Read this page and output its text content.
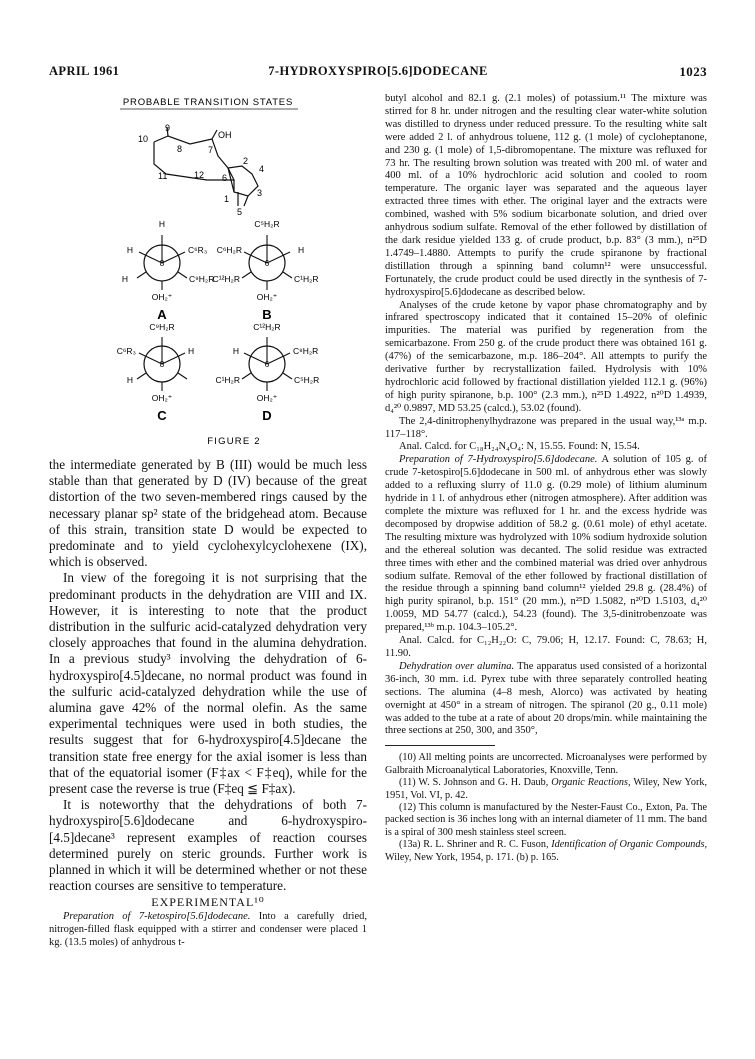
APRIL 1961	7-HYDROXYSPIRO[5.6]DODECANE	1023
PROBABLE TRANSITION STATES
10
9
8	7
OH
11	12 6
2
4
1
5
3
H
H	C⁶R₃
C⁹H₂R
H
OH₂⁺
8
A
C⁵H₂R
C⁶H₂R	H
C¹²H₂R	C¹H₂R
OH₂⁺
6
B
C⁹H₂R
C⁶R₃	H
H
OH₂⁺
8
C
C¹²H₂R
H	C⁸H₂R
C¹H₂R	C⁵H₂R
OH₂⁺
6
D
FIGURE 2

the intermediate generated by B (III) would be much less stable than that generated by D (IV) because of the great distortion of the two seven-membered rings caused by the necessary planar sp² state of the bridgehead atom. Because of this strain, transition state D would be expected to predominate and to yield cyclohexylcyclohexene (IX), which is observed.

In view of the foregoing it is not surprising that the predominant products in the dehydration are VIII and IX. However, it is interesting to note that the product distribution in the sulfuric acid-catalyzed dehydration very closely approaches that found in the alumina dehydration. In a previous study³ involving the dehydration of 6-hydroxyspiro[4.5]decane, no normal product was found in the sulfuric acid-catalyzed dehydration while the use of alumina gave 42% of the normal olefin. As the same experimental techniques were used in both studies, the results suggest that for 6-hydroxyspiro[4.5]decane the transition state free energy for the axial isomer is less than that of the equatorial isomer (F‡ax < F‡eq), while for the present case the reverse is true (F‡eq ≦ F‡ax).

It is noteworthy that the dehydrations of both 7-hydroxyspiro[5.6]dodecane and 6-hydroxyspiro-[4.5]decane³ represent examples of reaction courses determined purely on steric grounds. Further work is planned in which it will be determined whether or not these reaction courses are sensitive to temperature.

EXPERIMENTAL¹⁰

Preparation of 7-ketospiro[5.6]dodecane. Into a carefully dried, nitrogen-filled flask equipped with a stirrer and condenser were placed 1 kg. (13.5 moles) of anhydrous t-

butyl alcohol and 82.1 g. (2.1 moles) of potassium.¹¹ The mixture was stirred for 8 hr. under nitrogen and the resulting clear water-white solution was distilled to dryness under reduced pressure. To the resulting white salt were added 2 l. of anhydrous toluene, 112 g. (1 mole) of cycloheptanone, and 230 g. (1 mole) of 1,5-dibromopentane. The mixture was refluxed for 73 hr. The resulting brown solution was treated with 200 ml. of water and 400 ml. of a 10% hydrochloric acid solution and cooled to room temperature. The organic layer was separated and the aqueous layer extracted three times with ether. The original layer and the extracts were combined, washed with 5% sodium bicarbonate solution, and dried over anhydrous sodium sulfate. Removal of the ether followed by distillation of the dark residue yielded 133 g. of crude product, b.p. 83° (3 mm.), n²⁵D 1.4749–1.4880. Attempts to purify the crude spiranone by fractional distillation through a spinning band column¹² were unsuccessful. Fortunately, the crude product could be used directly in the synthesis of 7-hydroxyspiro[5.6]dodecane as described below.

Analyses of the crude ketone by vapor phase chromatography and by infrared spectroscopy indicated that it contained 15–20% of olefinic impurities. The material was purified by regeneration from the semicarbazone. From 250 g. of the crude product there was obtained 161 g. (47%) of the semicarbazone, m.p. 186–204°. All attempts to purify the derivative further by recrystallization failed. Hydrolysis with 10% hydrochloric acid followed by fractional distillation yielded 112.1 g. (96%) of high purity spiranone, b.p. 100° (2.3 mm.), n²⁵D 1.4922, n²⁰D 1.4939, d₄²⁰ 0.9897, MD 53.25 (calcd.), 53.02 (found).

The 2,4-dinitrophenylhydrazone was prepared in the usual way,¹³ᵃ m.p. 117–118°.

Anal. Calcd. for C₁₈H₂₄N₄O₄: N, 15.55. Found: N, 15.54.

Preparation of 7-Hydroxyspiro[5.6]dodecane. A solution of 105 g. of crude 7-ketospiro[5.6]dodecane in 500 ml. of anhydrous ether was slowly added to a refluxing slurry of 11.0 g. (0.29 mole) of lithium aluminum hydride in 1 l. of anhydrous ether (nitrogen atmosphere). After addition was complete the mixture was refluxed for 1 hr. and the excess hydride was decomposed by dropwise addition of 58.2 g. (0.61 mole) of ethyl acetate. The resulting mixture was hydrolyzed with 10% sodium hydroxide solution and the ethereal solution was decanted. The solid residue was extracted three times with ether and the combined material was dried over anhydrous sodium sulfate. Removal of the ether followed by fractional distillation of the residue through a spinning band column¹² yielded 29.8 g. (28.4%) of high purity spiranol, b.p. 151° (20 mm.), n²⁵D 1.5082, n²⁰D 1.5103, d₄²⁰ 1.0059, MD 54.77 (calcd.), 54.23 (found). The 3,5-dinitrobenzoate was prepared,¹³ᵇ m.p. 104.3–105.2°.

Anal. Calcd. for C₁₂H₂₂O: C, 79.06; H, 12.17. Found: C, 78.63; H, 11.90.

Dehydration over alumina. The apparatus used consisted of a horizontal 36-inch, 30 mm. i.d. Pyrex tube with three separately controlled heating sections. The alumina (4–8 mesh, Alorco) was activated by heating overnight at 450° in a stream of nitrogen. The spiranol (20 g., 0.11 mole) was added to the tube at a rate of about 20 drops/min. while maintaining the three sections at 250, 300, and 350°,

(10) All melting points are uncorrected. Microanalyses were performed by Galbraith Microanalytical Laboratories, Knoxville, Tenn.

(11) W. S. Johnson and G. H. Daub, Organic Reactions, Wiley, New York, 1951, Vol. VI, p. 42.

(12) This column is manufactured by the Nester-Faust Co., Exton, Pa. The packed section is 36 inches long with an internal diameter of 11 mm. The band is a spiral of 300 mesh stainless steel screen.

(13a) R. L. Shriner and R. C. Fuson, Identification of Organic Compounds, Wiley, New York, 1954, p. 171. (b) p. 165.
